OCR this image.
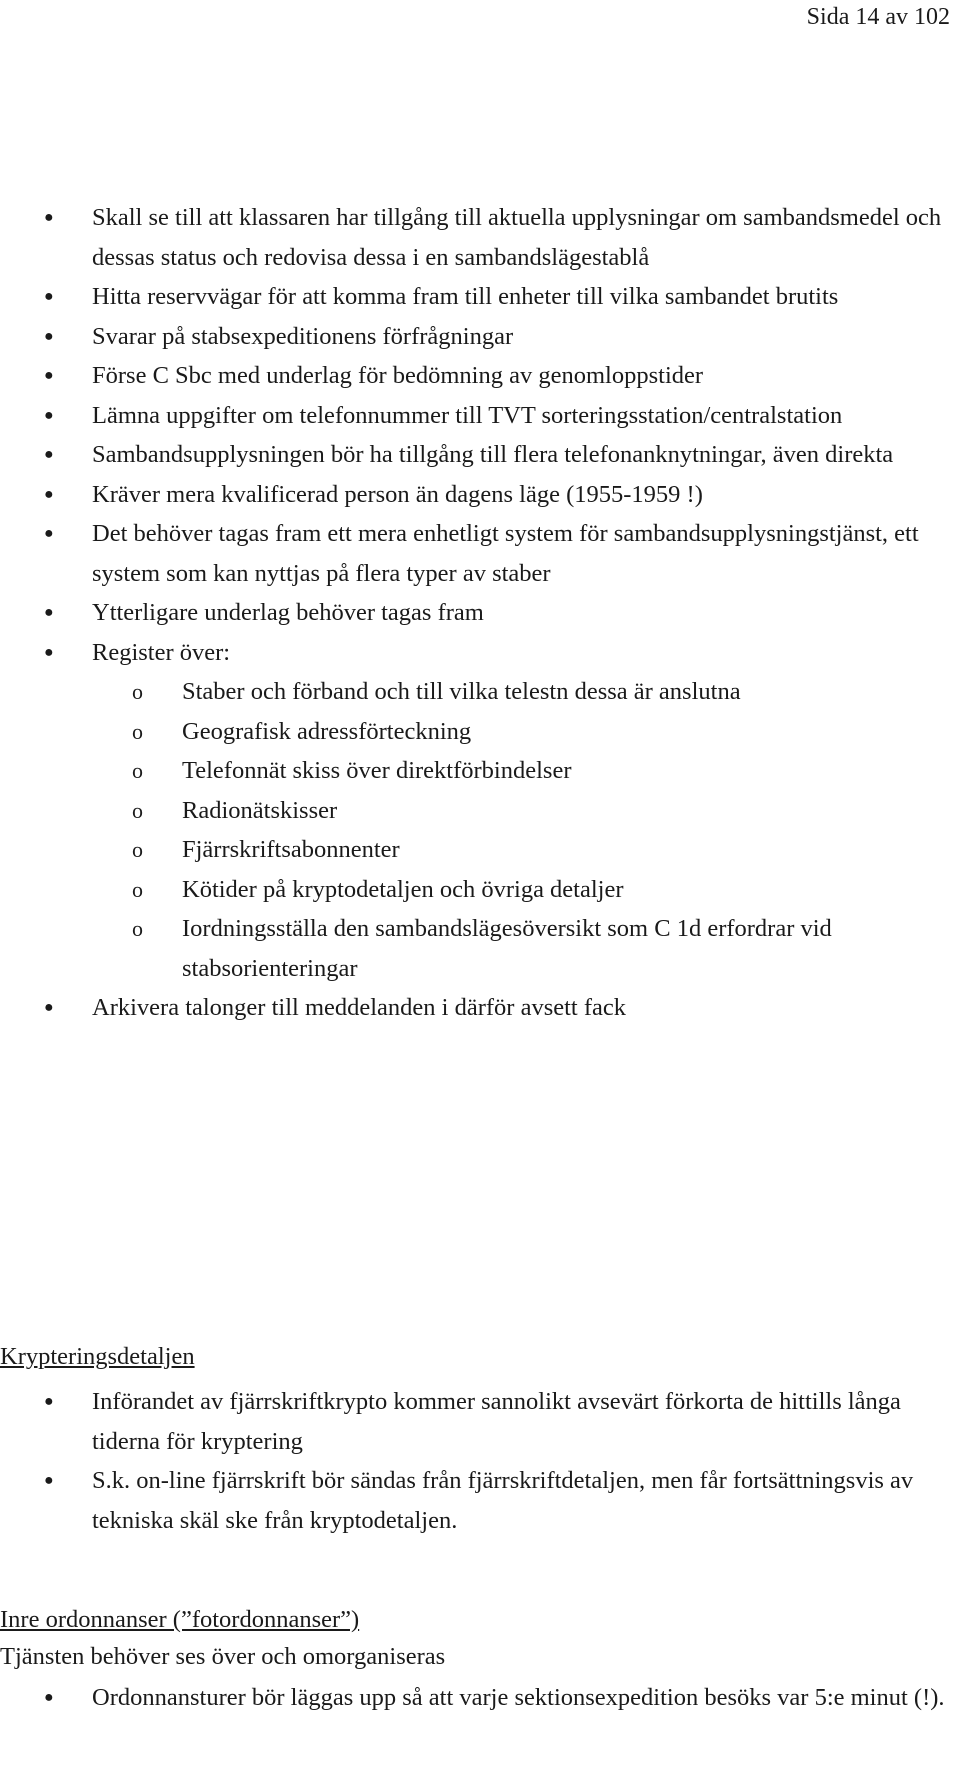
Sida 14 av 102
● Skall se till att klassaren har tillgång till aktuella upplysningar om sambandsmedel och dessas status och redovisa dessa i en sambandslägestablå
● Hitta reservvägar för att komma fram till enheter till vilka sambandet brutits
● Svarar på stabsexpeditionens förfrågningar
● Förse C Sbc med underlag för bedömning av genomloppstider
● Lämna uppgifter om telefonnummer till TVT sorteringsstation/centralstation
● Sambandsupplysningen bör ha tillgång till flera telefonanknytningar, även direkta
● Kräver mera kvalificerad person än dagens läge (1955-1959 !)
● Det behöver tagas fram ett mera enhetligt system för sambandsupplysningstjänst, ett system som kan nyttjas på flera typer av staber
● Ytterligare underlag behöver tagas fram
● Register över:
o Staber och förband och till vilka telestn dessa är anslutna
o Geografisk adressförteckning
o Telefonnät skiss över direktförbindelser
o Radionätskisser
o Fjärrskriftsabonnenter
o Kötider på kryptodetaljen och övriga detaljer
o Iordningsställa den sambandslägesöversikt som C 1d erfordrar vid stabsorienteringar
● Arkivera talonger till meddelanden i därför avsett fack
Krypteringsdetaljen
● Införandet av fjärrskriftkrypto kommer sannolikt avsevärt förkorta de hittills långa tiderna för kryptering
● S.k. on-line fjärrskrift bör sändas från fjärrskriftdetaljen, men får fortsättningsvis av tekniska skäl ske från kryptodetaljen.
Inre ordonnanser (”fotordonnanser”)
Tjänsten behöver ses över och omorganiseras
● Ordonnansturer bör läggas upp så att varje sektionsexpedition besöks var 5:e minut (!).
